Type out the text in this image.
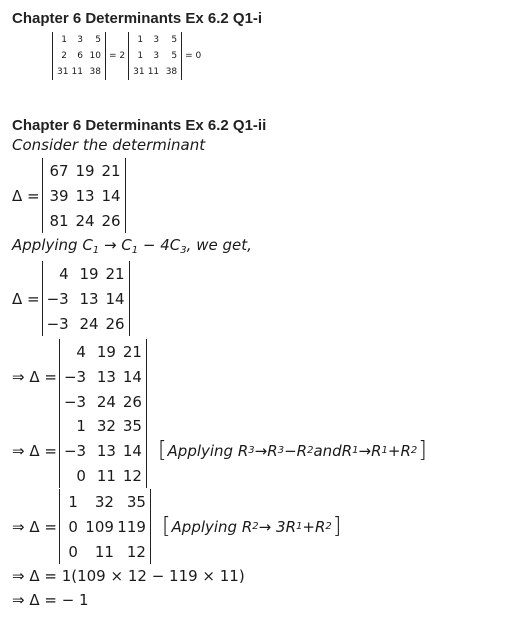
Chapter 6 Determinants Ex 6.2 Q1-i
1	3	5
2	6 10
31 11 38
= 2
1	3	5
1	3	5
31 11 38
= 0
Chapter 6 Determinants Ex 6.2 Q1-ii
Consider the determinant
Δ =
67 19 21
39 13 14
81 24 26
Applying $C_1 \to C_1 - 4C_3$, we get,
Δ =
4 19 21
−3 13 14
−3 24 26
⇒ Δ =
4 19 21
−3 13 14
−3 24 26
⇒ Δ =
1 32 35
−3 13 14
0 11 12
[ Applying
R 3 → R 3 − R 2 and R 1 → R 1 + R 2 ]
⇒ Δ =
1	32 35
0 109 119
0	11 12
[ Applying
R 2 → 3 R 1 + R 2 ]
⇒ Δ = 1(109 × 12 − 119 × 11)
⇒ Δ = − 1
